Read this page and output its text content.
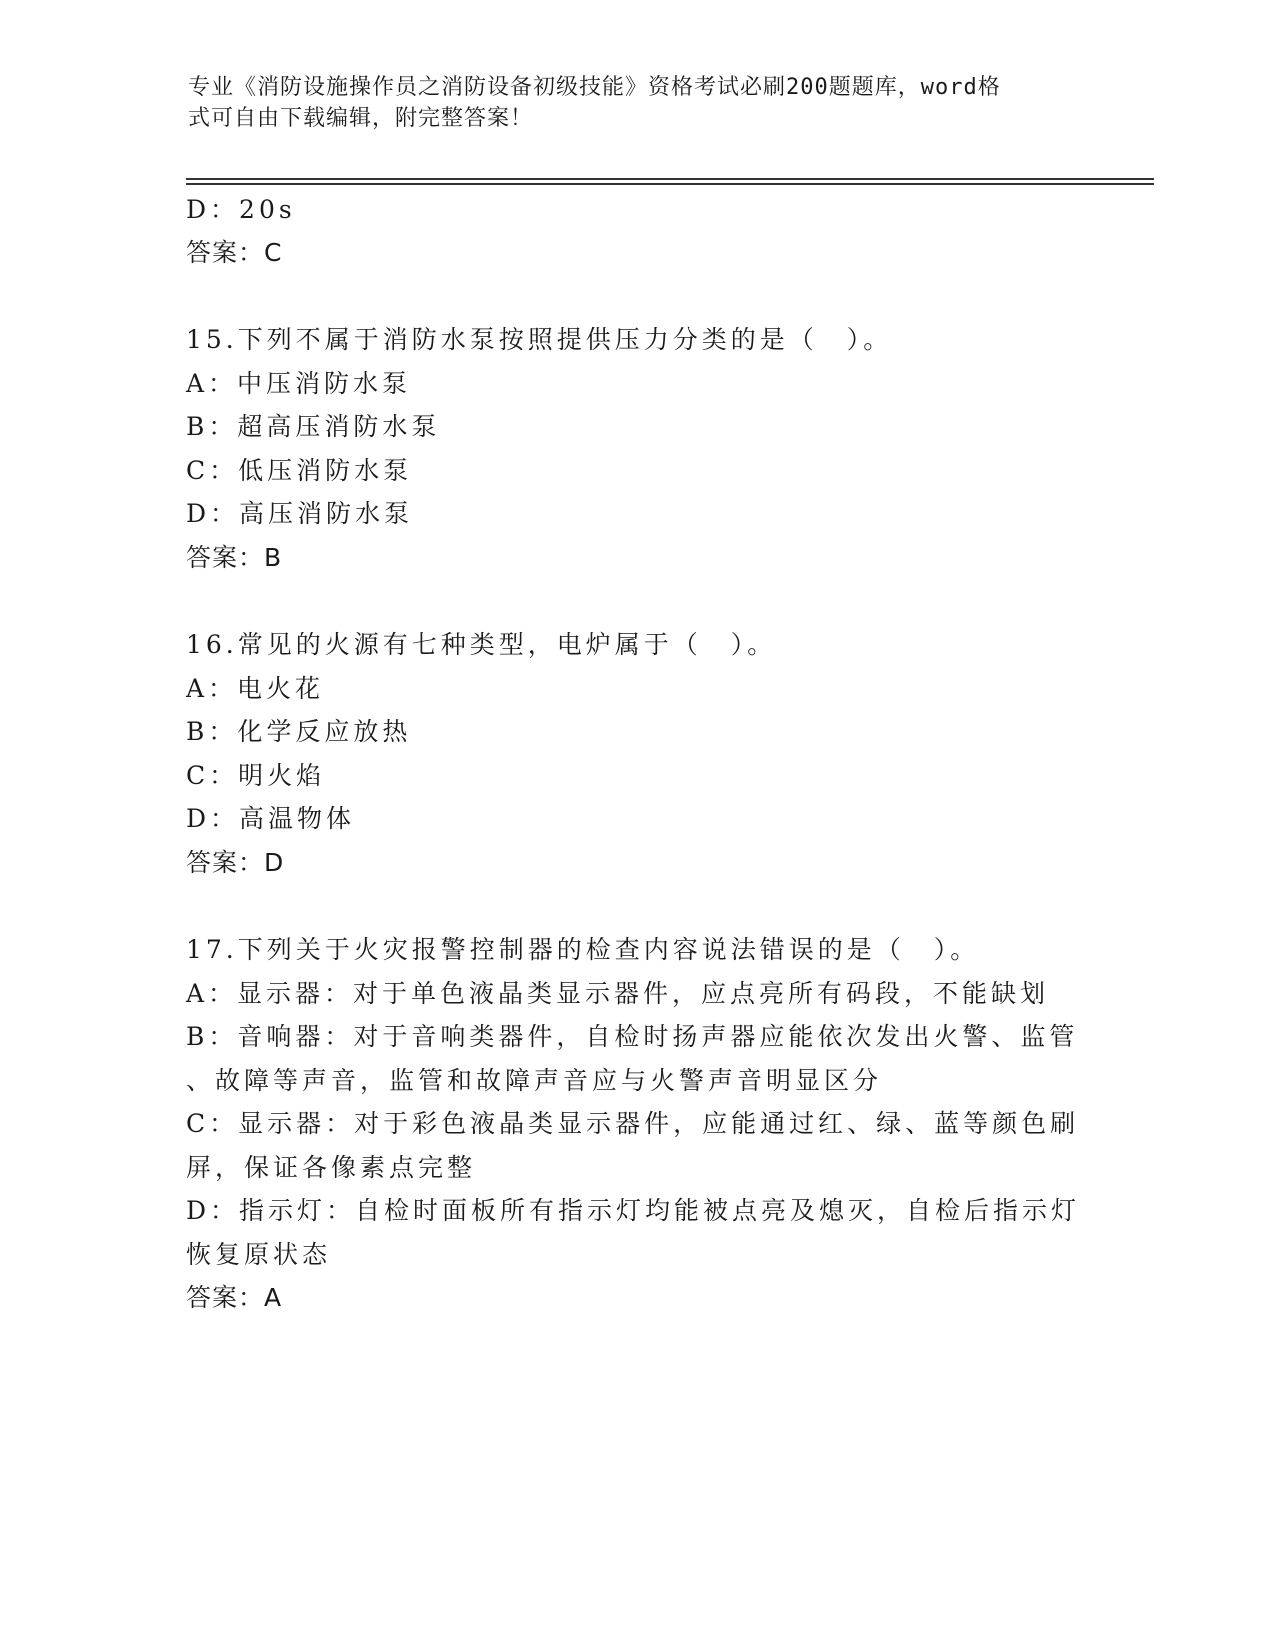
专业《消防设施操作员之消防设备初级技能》资格考试必刷200题题库，word格
式可自由下载编辑，附完整答案！
D：20s
答案：C
15.下列不属于消防水泵按照提供压力分类的是（　）。
A：中压消防水泵
B：超高压消防水泵
C：低压消防水泵
D：高压消防水泵
答案：B
16.常见的火源有七种类型，电炉属于（　）。
A：电火花
B：化学反应放热
C：明火焰
D：高温物体
答案：D
17.下列关于火灾报警控制器的检查内容说法错误的是（　）。
A：显示器：对于单色液晶类显示器件，应点亮所有码段，不能缺划
B：音响器：对于音响类器件，自检时扬声器应能依次发出火警、监管
、故障等声音，监管和故障声音应与火警声音明显区分
C：显示器：对于彩色液晶类显示器件，应能通过红、绿、蓝等颜色刷
屏，保证各像素点完整
D：指示灯：自检时面板所有指示灯均能被点亮及熄灭，自检后指示灯
恢复原状态
答案：A
